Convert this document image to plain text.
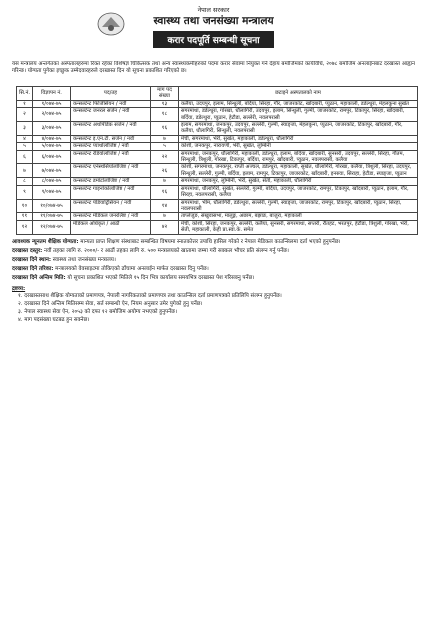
नेपाल सरकार
स्वास्थ्य तथा जनसंख्या मन्त्रालय
करार पदपूर्ति सम्बन्धी सूचना
यस मन्त्रालय अन्तर्गतका अस्पतालहरुमा रिक्त रहेका विशेषज्ञ चिकित्सक तथा अन्य स्वास्थ्यकर्मीहरुको पदमा करार सेवामा नियुक्त गर्न देहाय बमोजिमको कार्यविधि, २०७८ बमोजिम अनलाईनबाट दरखास्त आह्वान गरिन्छ। योग्यता पुगेका इच्छुक उम्मेदवारहरुले दरखास्त दिन यो सूचना प्रकाशित गरिएको छ।
सि.नं.	विज्ञापन नं.	पद/तह	माग पद संख्या	छटाइने अस्पतालको नाम
१	१/०७४-७५	कन्सल्टेन्ट फिजिसियन / नवौं	१३	कलैया, उदयपुर, इलाम, सिन्धुली, बर्दिया, सिरहा, गौर, जाजरकोट, खाँदबारी, प्युठान, महाकाली, डडेल्धुरा, मेहलकुना सुर्खेत
२	२/०७४-७५	कन्सल्टेन्ट जनरल सर्जन / नवौं	१८	सगरमाथा, डडेल्धुरा, गोरखा, धौलागिरी, उदयपुर, इलाम, सिन्धुली, गुल्मी, जाजरकोट, रामपुर, टिकापुर, सिरहा, खाँदबारी, बर्दिया, डडेल्धुरा, प्युठान, हेटौडा, सल्लेरी, नवलपरासी
३	३/०७४-७५	कन्सल्टेन्ट अर्थोपेडिक सर्जन / नवौं	१६	इलाम, सगरमाथा, जनकपुर, उदयपुर, सल्लेरी, गुल्मी, स्याङ्जा, मेहलकुना, प्युठान, जाजरकोट, टिकापुर, खाँदबारी, गौर, कलैया, धौलागिरी, सिन्धुली, नवलपरासी
४	४/०७४-७५	कन्सल्टेन्ट इ.एन.टी. सर्जन / नवौं	७	मेची, सगरमाथा, भेरी, सुर्खेत, महाकाली, डडेल्धुरा, धौलागिरी
५	५/०७४-७५	कन्सल्टेन्ट प्याथोलोजिष्ट / नवौं	५	कोशी, जनकपुर, नारायणी, भेरी, सुर्खेत, लुम्बिनी
६	६/०७४-७५	कन्सल्टेन्ट रेडियोलोजिष्ट / नवौं	२२	सगरमाथा, जनकपुर, धौलागिरी, महाकाली, डडेल्धुरा, इलाम, बर्दिया, खाँदबारी, सुनसरी, उदयपुर, सल्लेरी, सिरहा, गौतम, सिन्धुली, त्रिशुली, गोरखा, टिकापुर, बर्दिया, रामपुर, खाँदबारी, प्युठान, नवलपरासी, कलैया
७	७/०७४-७५	कन्सल्टेन्ट एनेस्थेसियोलोजिष्ट / नवौं	२६	कोशी, सगरमाथा, जनकपुर, राप्ती अञ्चल, डडेल्धुरा, महाकाली, सुर्खेत, धौलागिरी, गोरखा, कलैया, त्रिशुली, सिरहा, उदयपुर, सिन्धुली, सल्लेरी, गुल्मी, बर्दिया, इलाम, रामपुर, टिकापुर, जाजरकोट, खाँदबारी, इनरुवा, सिराहा, हेटौडा, स्याङ्जा, प्युठान
८	८/०७४-७५	कन्सल्टेन्ट डर्माटोलोजिष्ट / नवौं	७	सगरमाथा, जनकपुर, लुम्बिनी, भेरी, सुर्खेत, सेती, महाकाली, धौलागिरी
९	९/०७४-७५	कन्सल्टेन्ट गाइनोकोलोजिष्ट / नवौं	१६	सगरमाथा, धौलागिरी, सुर्खेत, सल्लेरी, गुल्मी, बर्दिया, उदयपुर, जाजरकोट, रामपुर, टिकापुर, खाँदबारी, प्युठान, इलाम, गौर, सिरहा, नवलपरासी, कलैया
१०	१०/०७४-७५	कन्सल्टेन्ट पेडियाट्रिसियन / नवौं	१४	सगरमाथा, भीम, धौलागिरी, डडेल्धुरा, सल्लेरी, गुल्मी, स्याङ्जा, जाजरकोट, रामपुर, टिकापुर, खाँदबारी, प्युठान, सिरहा, नवलपरासी
११	११/०७४-७५	कन्सल्टेन्ट मेडिकल जनरलिष्ट / नवौं	७	ताप्लेजुङ, संखुवासभा, मालुङ्ग, अछाम, बझाङ, बाजुरा, महाकाली
१२	१२/०७४-७५	मेडिकल अधिकृत / आठौं	४२	मेची, कोशी, सिरहा, जनकपुर, सल्लेरी, कलैया, सुनसरी, सगरमाथा, सप्तरी, रौतहट, भरतपुर, हेटौडा, त्रिशुली, गोरखा, भेरी, सेती, महाकाली, केही प्रा.स्वा.के. समेत

आवश्यक न्यूनतम शैक्षिक योग्यता: मान्यता प्राप्त शिक्षण संस्थाबाट सम्बन्धित विषयमा स्नातकोत्तर उपाधि हासिल गरेको र नेपाल मेडिकल काउन्सिलमा दर्ता भएको हुनुपर्नेछ।

दरखास्त दस्तुर: नवौं तहका लागि रु. २०००/- र आठौं तहका लागि रु. ५०० मन्त्रालयको खातामा जम्मा गरी सक्कल भौचर प्रति संलग्न गर्नु पर्नेछ।

दरखास्त दिने स्थान: स्वास्थ्य तथा जनसंख्या मन्त्रालय।

दरखास्त दिने तरिका: मन्त्रालयको वेवसाइटमा तोकिएको ढाँचामा अनलाईन मार्फत दरखास्त दिनु पर्नेछ।

दरखास्त दिने अन्तिम मिति: यो सूचना प्रकाशित भएको मितिले १५ दिन भित्र कार्यालय समयभित्र दरखास्त पेश गरिसक्नु पर्नेछ।

द्रष्टव्य:
१. दरखास्तसाथ शैक्षिक योग्यताको प्रमाणपत्र, नेपाली नागरिकताको प्रमाणपत्र तथा काउन्सिल दर्ता प्रमाणपत्रको प्रतिलिपि संलग्न हुनुपर्नेछ।
२. दरखास्त दिने अन्तिम मितिसम्म सेवा, सर्त सम्बन्धी ऐन, नियम अनुसार उमेर पुगेको हुनु पर्नेछ।
३. नेपाल स्वास्थ्य सेवा ऐन, २०५३ को दफा १२ बमोजिम अयोग्य नभएको हुनुपर्नेछ।
४. माग पदसंख्या घटबढ हुन सक्नेछ।
